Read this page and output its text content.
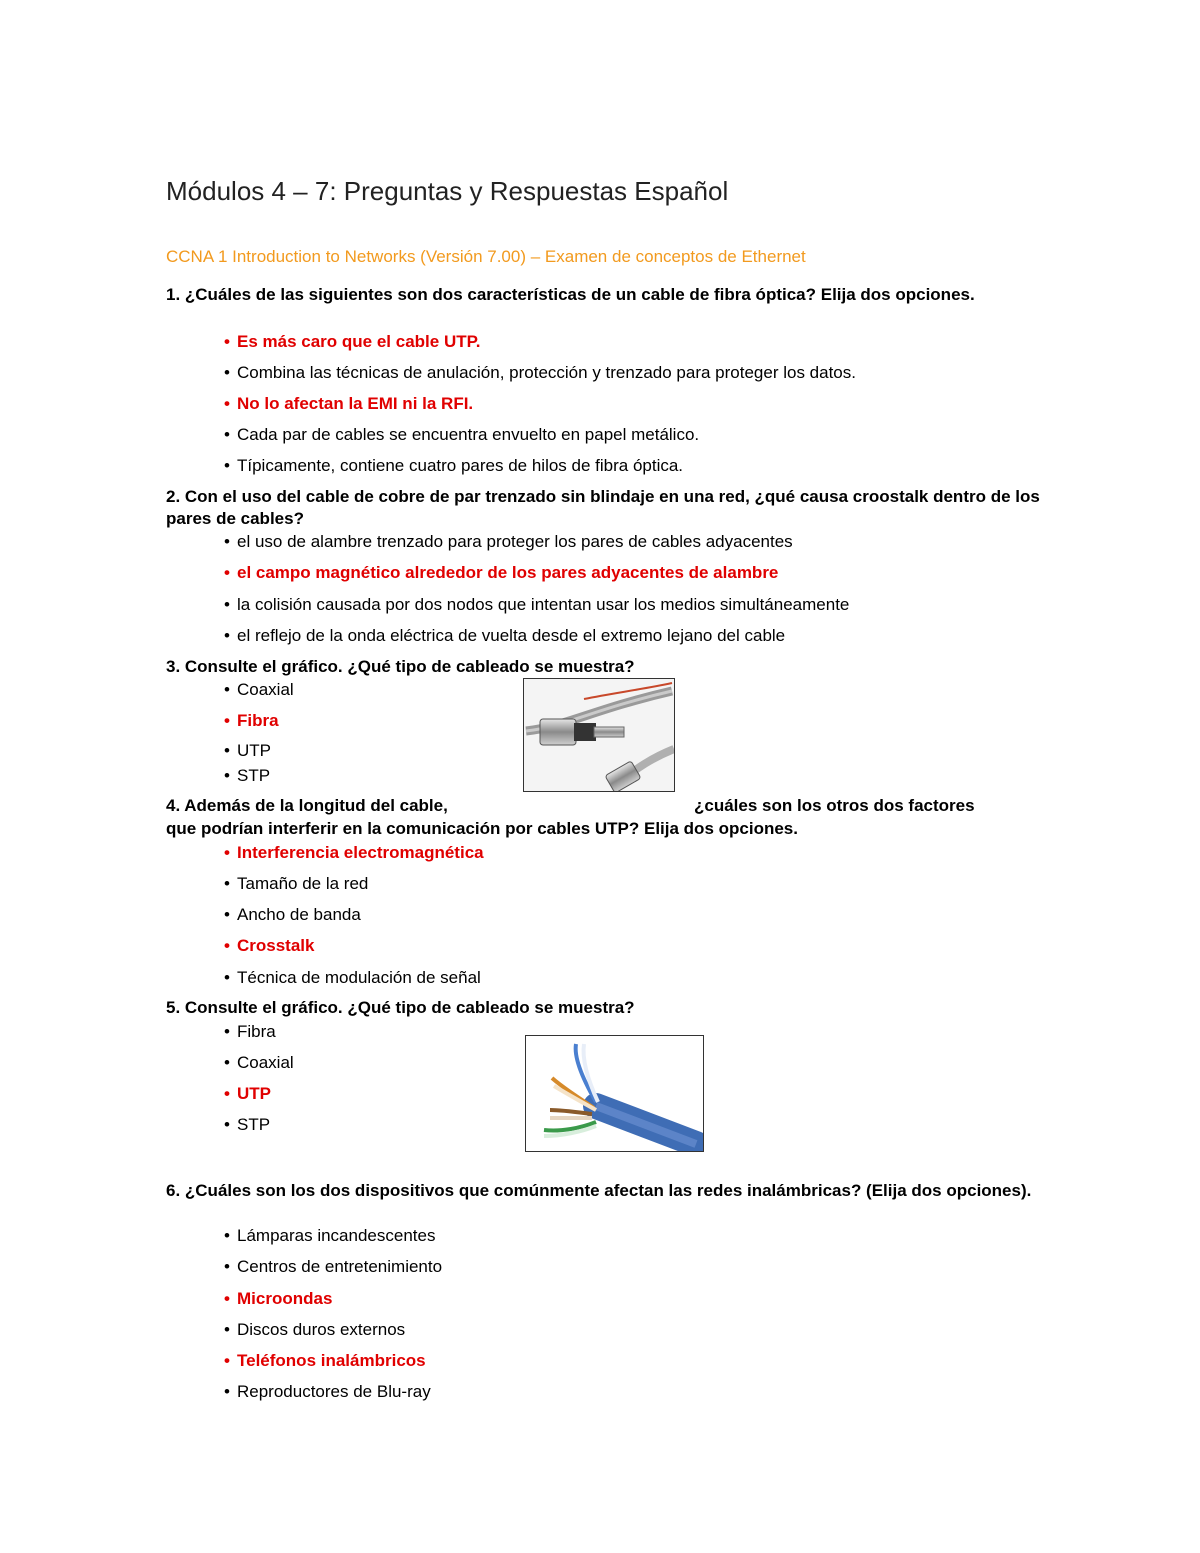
Módulos 4 – 7: Preguntas y Respuestas Español
CCNA 1 Introduction to Networks (Versión 7.00) – Examen de conceptos de Ethernet
1. ¿Cuáles de las siguientes son dos características de un cable de fibra óptica? Elija dos opciones.
• Es más caro que el cable UTP.
• Combina las técnicas de anulación, protección y trenzado para proteger los datos.
• No lo afectan la EMI ni la RFI.
• Cada par de cables se encuentra envuelto en papel metálico.
• Típicamente, contiene cuatro pares de hilos de fibra óptica.
2. Con el uso del cable de cobre de par trenzado sin blindaje en una red, ¿qué causa croostalk dentro de los pares de cables?
• el uso de alambre trenzado para proteger los pares de cables adyacentes
• el campo magnético alrededor de los pares adyacentes de alambre
• la colisión causada por dos nodos que intentan usar los medios simultáneamente
• el reflejo de la onda eléctrica de vuelta desde el extremo lejano del cable
3. Consulte el gráfico. ¿Qué tipo de cableado se muestra?
• Coaxial
• Fibra
• UTP
• STP
4. Además de la longitud del cable,	¿cuáles son los otros dos factores
que podrían interferir en la comunicación por cables UTP? Elija dos opciones.
• Interferencia electromagnética
• Tamaño de la red
• Ancho de banda
• Crosstalk
• Técnica de modulación de señal
5. Consulte el gráfico. ¿Qué tipo de cableado se muestra?
• Fibra
• Coaxial
• UTP
• STP
6. ¿Cuáles son los dos dispositivos que comúnmente afectan las redes inalámbricas? (Elija dos opciones).
• Lámparas incandescentes
• Centros de entretenimiento
• Microondas
• Discos duros externos
• Teléfonos inalámbricos
• Reproductores de Blu-ray
